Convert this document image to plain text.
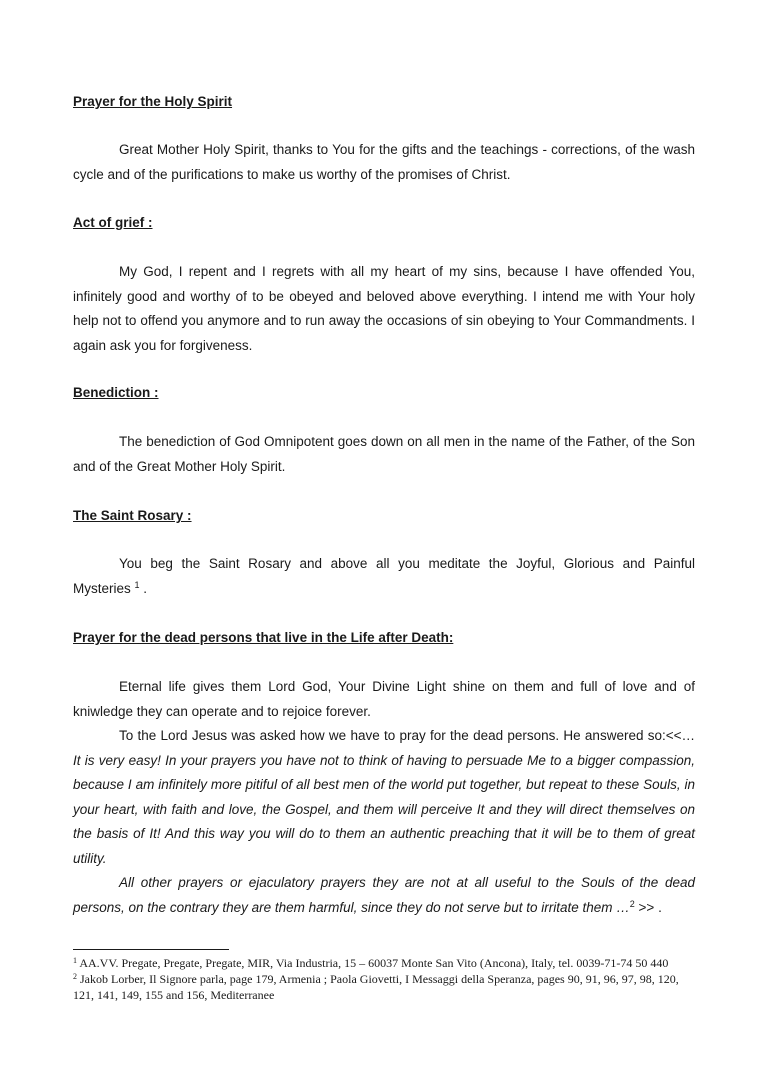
Prayer for the Holy Spirit

Great Mother Holy Spirit, thanks to You for the gifts and the teachings - corrections, of the wash cycle and of the purifications to make us worthy of the promises of Christ.

Act of grief :

My God, I repent and I regrets with all my heart of my sins, because I have offended You, infinitely good and worthy of to be obeyed and beloved above everything. I intend me with Your holy help not to offend you anymore and to run away the occasions of sin obeying to Your Commandments. I again ask you for forgiveness.

Benediction :

The benediction of God Omnipotent goes down on all men in the name of the Father, of the Son and of the Great Mother Holy Spirit.

The Saint Rosary :

You beg the Saint Rosary and above all you meditate the Joyful, Glorious and Painful Mysteries $^1$ .

Prayer for the dead persons that live in the Life after Death:

Eternal life gives them Lord God, Your Divine Light shine on them and full of love and of kniwledge they can operate and to rejoice forever.

To the Lord Jesus was asked how we have to pray for the dead persons. He answered so:<<… It is very easy! In your prayers you have not to think of having to persuade Me to a bigger compassion, because I am infinitely more pitiful of all best men of the world put together, but repeat to these Souls, in your heart, with faith and love, the Gospel, and them will perceive It and they will direct themselves on the basis of It! And this way you will do to them an authentic preaching that it will be to them of great utility.

All other prayers or ejaculatory prayers they are not at all useful to the Souls of the dead persons, on the contrary they are them harmful, since they do not serve but to irritate them …$^2$ >> .

$^1$ AA.VV. Pregate, Pregate, Pregate, MIR, Via Industria, 15 – 60037 Monte San Vito (Ancona), Italy, tel. 0039-71-74 50 440

$^2$ Jakob Lorber, Il Signore parla, page 179, Armenia ; Paola Giovetti, I Messaggi della Speranza, pages 90, 91, 96, 97, 98, 120, 121, 141, 149, 155 and 156, Mediterranee
